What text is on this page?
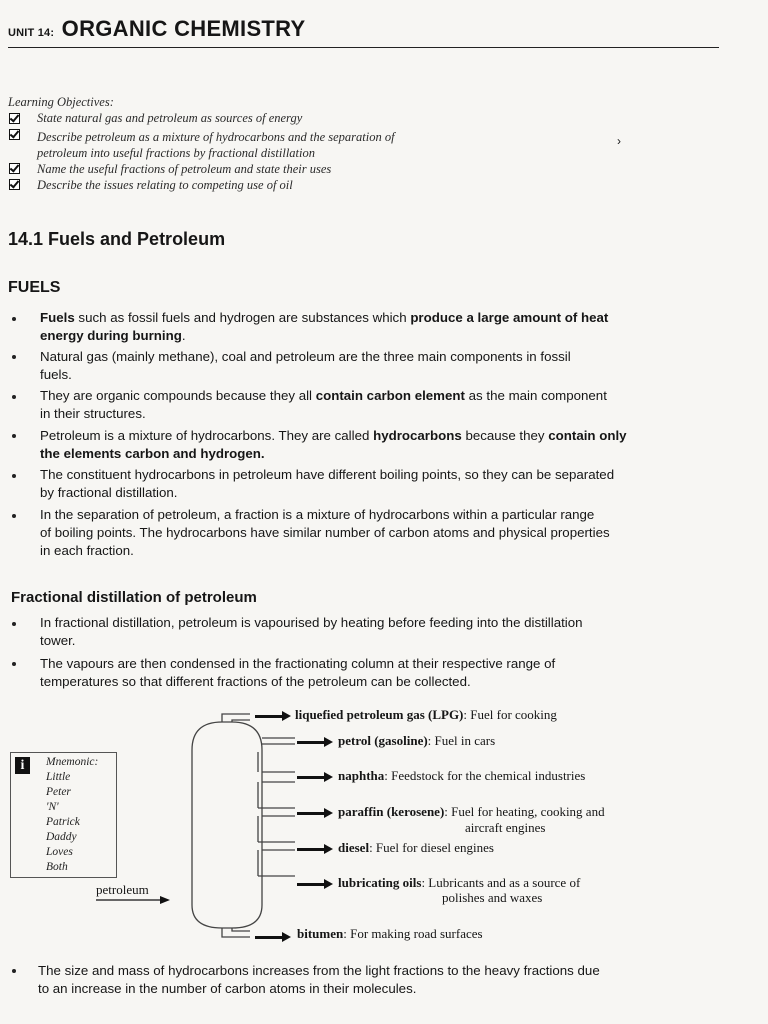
UNIT 14: ORGANIC CHEMISTRY
Learning Objectives:
State natural gas and petroleum as sources of energy
Describe petroleum as a mixture of hydrocarbons and the separation of
petroleum into useful fractions by fractional distillation
Name the useful fractions of petroleum and state their uses
Describe the issues relating to competing use of oil
›
14.1 Fuels and Petroleum
FUELS
Fuels such as fossil fuels and hydrogen are substances which produce a large amount of heat
energy during burning.
Natural gas (mainly methane), coal and petroleum are the three main components in fossil
fuels.
They are organic compounds because they all contain carbon element as the main component
in their structures.
Petroleum is a mixture of hydrocarbons. They are called hydrocarbons because they contain only
the elements carbon and hydrogen.
The constituent hydrocarbons in petroleum have different boiling points, so they can be separated
by fractional distillation.
In the separation of petroleum, a fraction is a mixture of hydrocarbons within a particular range
of boiling points. The hydrocarbons have similar number of carbon atoms and physical properties
in each fraction.
Fractional distillation of petroleum
In fractional distillation, petroleum is vapourised by heating before feeding into the distillation
tower.
The vapours are then condensed in the fractionating column at their respective range of
temperatures so that different fractions of the petroleum can be collected.
petroleum
liquefied petroleum gas (LPG): Fuel for cooking
petrol (gasoline): Fuel in cars
naphtha: Feedstock for the chemical industries
paraffin (kerosene): Fuel for heating, cooking and
aircraft engines
diesel: Fuel for diesel engines
lubricating oils: Lubricants and as a source of
polishes and waxes
bitumen: For making road surfaces
i	Mnemonic:
Little
Peter
'N'
Patrick
Daddy
Loves
Both
The size and mass of hydrocarbons increases from the light fractions to the heavy fractions due
to an increase in the number of carbon atoms in their molecules.
